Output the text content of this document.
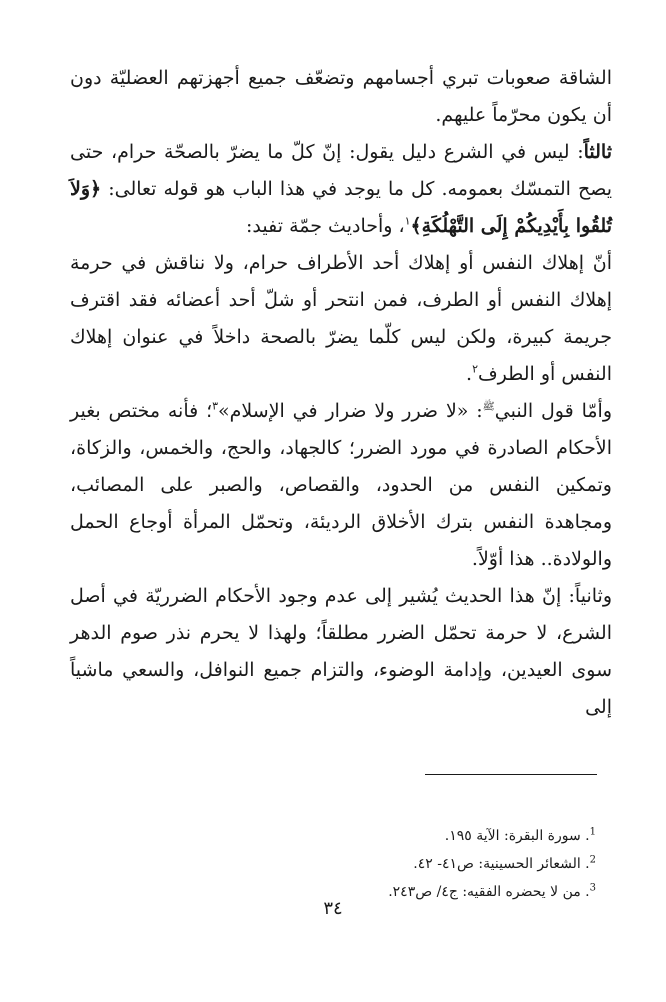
الشاقة صعوبات تبري أجسامهم وتضعّف جميع أجهزتهم العضليّة دون أن يكون محرّماً عليهم.

ثالثاً: ليس في الشرع دليل يقول: إنّ كلّ ما يضرّ بالصحّة حرام، حتى يصح التمسّك بعمومه. كل ما يوجد في هذا الباب هو قوله تعالى: ﴿وَلاَ تُلقُوا بِأَيْدِيكُمْ إِلَى التَّهْلُكَةِ﴾$^١$، وأحاديث جمّة تفيد:

أنّ إهلاك النفس أو إهلاك أحد الأطراف حرام، ولا نناقش في حرمة إهلاك النفس أو الطرف، فمن انتحر أو شلّ أحد أعضائه فقد اقترف جريمة كبيرة، ولكن ليس كلّما يضرّ بالصحة داخلاً في عنوان إهلاك النفس أو الطرف$^٢$.

وأمّا قول النبي$^ﷺ$: «لا ضرر ولا ضرار في الإسلام»$^٣$؛ فأنه مختص بغير الأحكام الصادرة في مورد الضرر؛ كالجهاد، والحج، والخمس، والزكاة، وتمكين النفس من الحدود، والقصاص، والصبر على المصائب، ومجاهدة النفس بترك الأخلاق الرديئة، وتحمّل المرأة أوجاع الحمل والولادة.. هذا أوّلاً.

وثانياً: إنّ هذا الحديث يُشير إلى عدم وجود الأحكام الضرريّة في أصل الشرع، لا حرمة تحمّل الضرر مطلقاً؛ ولهذا لا يحرم نذر صوم الدهر سوى العيدين، وإدامة الوضوء، والتزام جميع النوافل، والسعي ماشياً إلى

$^1$. سورة البقرة: الآية ١٩٥.

$^2$. الشعائر الحسينية: ص٤١- ٤٢.

$^3$. من لا يحضره الفقيه: ج٤/ ص٢٤٣.

٣٤
